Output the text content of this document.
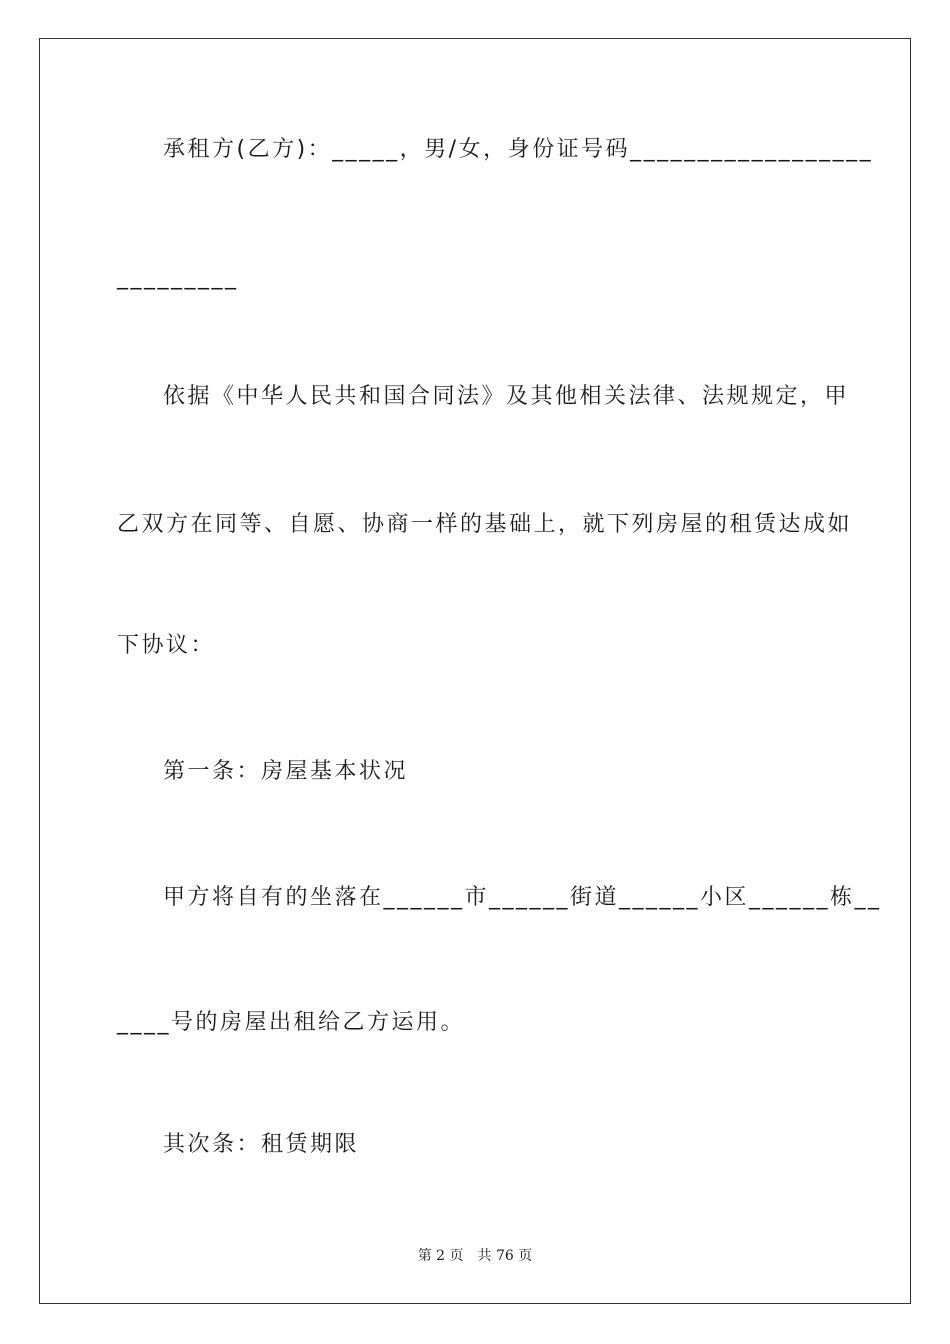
承租方(乙方)：_____，男/女，身份证号码__________________
_________
依据《中华人民共和国合同法》及其他相关法律、法规规定，甲
乙双方在同等、自愿、协商一样的基础上，就下列房屋的租赁达成如
下协议：
第一条：房屋基本状况
甲方将自有的坐落在______市______街道______小区______栋__
____号的房屋出租给乙方运用。
其次条：租赁期限
第 2 页　共 76 页
